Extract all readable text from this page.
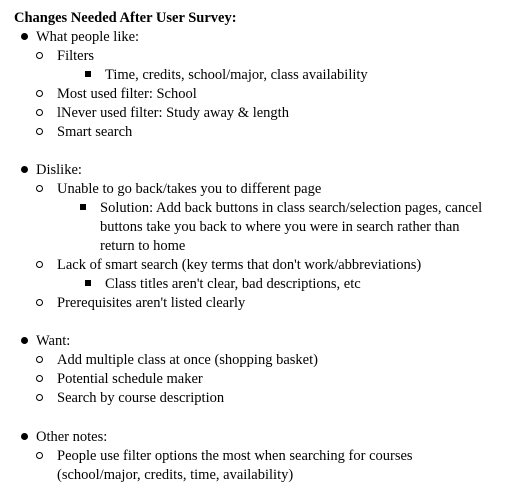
Changes Needed After User Survey:
What people like:
Filters
Time, credits, school/major, class availability
Most used filter: School
lNever used filter: Study away & length
Smart search
Dislike:
Unable to go back/takes you to different page
Solution: Add back buttons in class search/selection pages, cancel
buttons take you back to where you were in search rather than
return to home
Lack of smart search (key terms that don't work/abbreviations)
Class titles aren't clear, bad descriptions, etc
Prerequisites aren't listed clearly
Want:
Add multiple class at once (shopping basket)
Potential schedule maker
Search by course description
Other notes:
People use filter options the most when searching for courses
(school/major, credits, time, availability)
